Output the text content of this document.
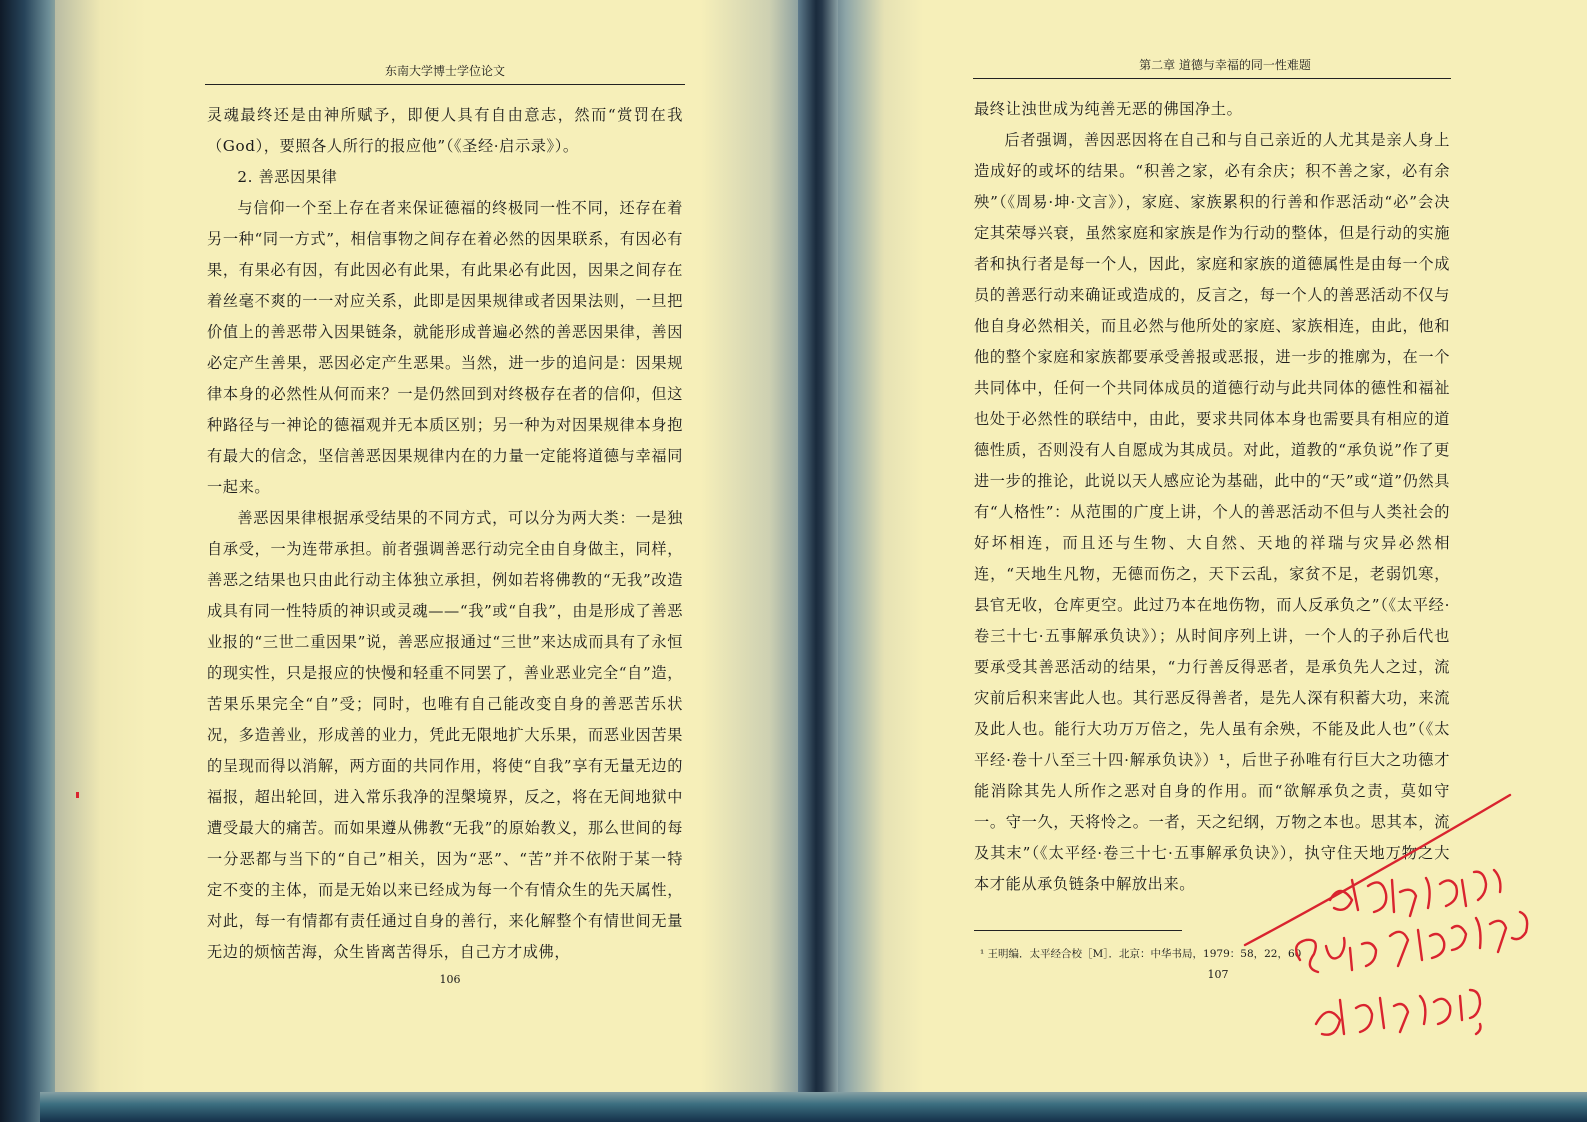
东南大学博士学位论文

灵魂最终还是由神所赋予，即便人具有自由意志，然而“赏罚在我（God），要照各人所行的报应他”（《圣经·启示录》）。

2. 善恶因果律

与信仰一个至上存在者来保证德福的终极同一性不同，还存在着另一种“同一方式”，相信事物之间存在着必然的因果联系，有因必有果，有果必有因，有此因必有此果，有此果必有此因，因果之间存在着丝毫不爽的一一对应关系，此即是因果规律或者因果法则，一旦把价值上的善恶带入因果链条，就能形成普遍必然的善恶因果律，善因必定产生善果，恶因必定产生恶果。当然，进一步的追问是：因果规律本身的必然性从何而来？一是仍然回到对终极存在者的信仰，但这种路径与一神论的德福观并无本质区别；另一种为对因果规律本身抱有最大的信念，坚信善恶因果规律内在的力量一定能将道德与幸福同一起来。

善恶因果律根据承受结果的不同方式，可以分为两大类：一是独自承受，一为连带承担。前者强调善恶行动完全由自身做主，同样，善恶之结果也只由此行动主体独立承担，例如若将佛教的“无我”改造成具有同一性特质的神识或灵魂——“我”或“自我”，由是形成了善恶业报的“三世二重因果”说，善恶应报通过“三世”来达成而具有了永恒的现实性，只是报应的快慢和轻重不同罢了，善业恶业完全“自”造，苦果乐果完全“自”受；同时，也唯有自己能改变自身的善恶苦乐状况，多造善业，形成善的业力，凭此无限地扩大乐果，而恶业因苦果的呈现而得以消解，两方面的共同作用，将使“自我”享有无量无边的福报，超出轮回，进入常乐我净的涅槃境界，反之，将在无间地狱中遭受最大的痛苦。而如果遵从佛教“无我”的原始教义，那么世间的每一分恶都与当下的“自己”相关，因为“恶”、“苦”并不依附于某一特定不变的主体，而是无始以来已经成为每一个有情众生的先天属性，对此，每一有情都有责任通过自身的善行，来化解整个有情世间无量无边的烦恼苦海，众生皆离苦得乐，自己方才成佛，

106
第二章 道德与幸福的同一性难题

最终让浊世成为纯善无恶的佛国净土。

后者强调，善因恶因将在自己和与自己亲近的人尤其是亲人身上造成好的或坏的结果。“积善之家，必有余庆；积不善之家，必有余殃”（《周易·坤·文言》），家庭、家族累积的行善和作恶活动“必”会决定其荣辱兴衰，虽然家庭和家族是作为行动的整体，但是行动的实施者和执行者是每一个人，因此，家庭和家族的道德属性是由每一个成员的善恶行动来确证或造成的，反言之，每一个人的善恶活动不仅与他自身必然相关，而且必然与他所处的家庭、家族相连，由此，他和他的整个家庭和家族都要承受善报或恶报，进一步的推廓为，在一个共同体中，任何一个共同体成员的道德行动与此共同体的德性和福祉也处于必然性的联结中，由此，要求共同体本身也需要具有相应的道德性质，否则没有人自愿成为其成员。对此，道教的“承负说”作了更进一步的推论，此说以天人感应论为基础，此中的“天”或“道”仍然具有“人格性”：从范围的广度上讲，个人的善恶活动不但与人类社会的好坏相连，而且还与生物、大自然、天地的祥瑞与灾异必然相连，“天地生凡物，无德而伤之，天下云乱，家贫不足，老弱饥寒，县官无收，仓库更空。此过乃本在地伤物，而人反承负之”（《太平经·卷三十七·五事解承负诀》）；从时间序列上讲，一个人的子孙后代也要承受其善恶活动的结果，“力行善反得恶者，是承负先人之过，流灾前后积来害此人也。其行恶反得善者，是先人深有积蓄大功，来流及此人也。能行大功万万倍之，先人虽有余殃，不能及此人也”（《太平经·卷十八至三十四·解承负诀》）¹，后世子孙唯有行巨大之功德才能消除其先人所作之恶对自身的作用。而“欲解承负之责，莫如守一。守一久，天将怜之。一者，天之纪纲，万物之本也。思其本，流及其末”（《太平经·卷三十七·五事解承负诀》），执守住天地万物之大本才能从承负链条中解放出来。

¹ 王明编．太平经合校［M］．北京：中华书局，1979：58，22，60
107
